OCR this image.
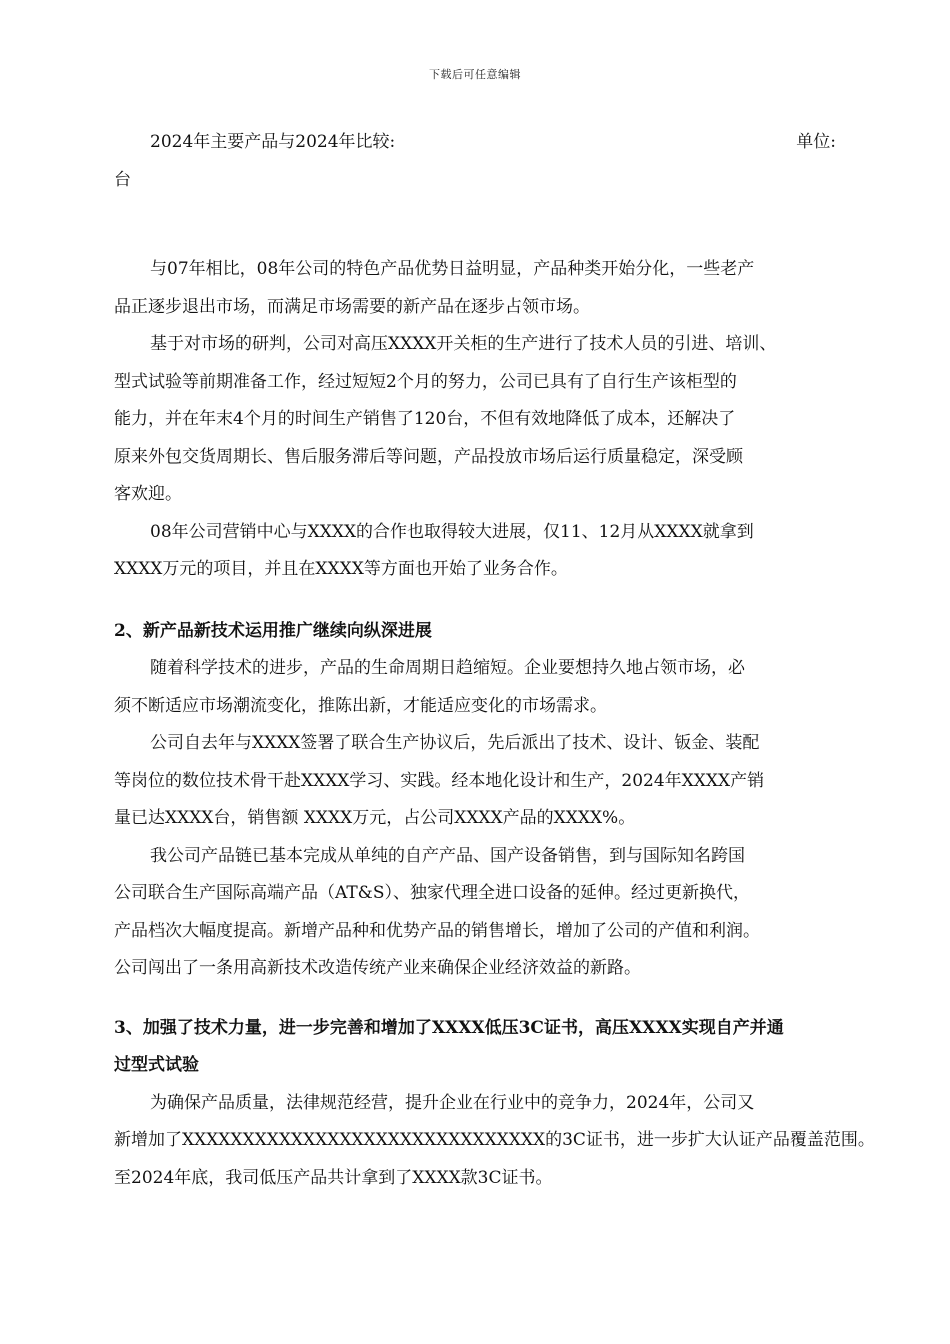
下载后可任意编辑
2024年主要产品与2024年比较:	单位:
台
与07年相比，08年公司的特色产品优势日益明显，产品种类开始分化，一些老产
品正逐步退出市场，而满足市场需要的新产品在逐步占领市场。
基于对市场的研判，公司对高压XXXX开关柜的生产进行了技术人员的引进、培训、
型式试验等前期准备工作，经过短短2个月的努力，公司已具有了自行生产该柜型的
能力，并在年末4个月的时间生产销售了120台，不但有效地降低了成本，还解决了
原来外包交货周期长、售后服务滞后等问题，产品投放市场后运行质量稳定，深受顾
客欢迎。
08年公司营销中心与XXXX的合作也取得较大进展，仅11、12月从XXXX就拿到
XXXX万元的项目，并且在XXXX等方面也开始了业务合作。
2、新产品新技术运用推广继续向纵深进展
随着科学技术的进步，产品的生命周期日趋缩短。企业要想持久地占领市场，必
须不断适应市场潮流变化，推陈出新，才能适应变化的市场需求。
公司自去年与XXXX签署了联合生产协议后，先后派出了技术、设计、钣金、装配
等岗位的数位技术骨干赴XXXX学习、实践。经本地化设计和生产，2024年XXXX产销
量已达XXXX台，销售额 XXXX万元，占公司XXXX产品的XXXX%。
我公司产品链已基本完成从单纯的自产产品、国产设备销售，到与国际知名跨国
公司联合生产国际高端产品（AT&S）、独家代理全进口设备的延伸。经过更新换代，
产品档次大幅度提高。新增产品种和优势产品的销售增长，增加了公司的产值和利润。
公司闯出了一条用高新技术改造传统产业来确保企业经济效益的新路。
3、加强了技术力量，进一步完善和增加了XXXX低压3C证书，高压XXXX实现自产并通
过型式试验
为确保产品质量，法律规范经营，提升企业在行业中的竞争力，2024年，公司又
新增加了XXXXXXXXXXXXXXXXXXXXXXXXXXXXXX的3C证书，进一步扩大认证产品覆盖范围。
至2024年底，我司低压产品共计拿到了XXXX款3C证书。
